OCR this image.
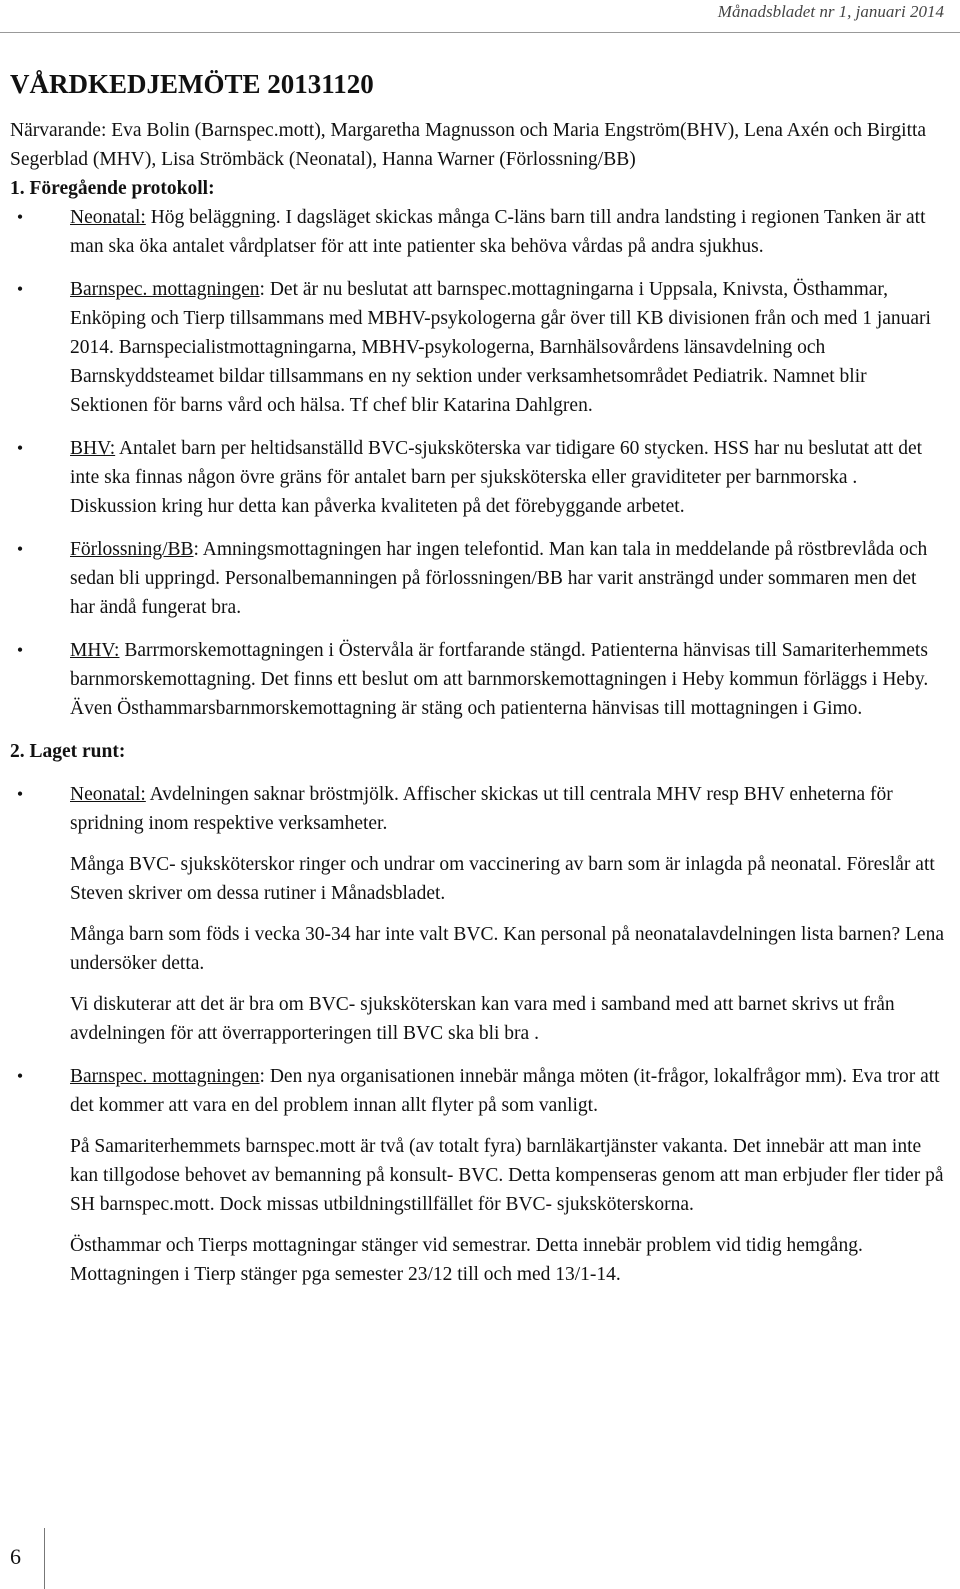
Månadsbladet nr 1, januari 2014
VÅRDKEDJEMÖTE 20131120

Närvarande: Eva Bolin (Barnspec.mott), Margaretha Magnusson och Maria Engström(BHV), Lena Axén och Birgitta Segerblad (MHV), Lisa Strömbäck (Neonatal), Hanna Warner (Förlossning/BB)

1. Föregående protokoll:

•	Neonatal: Hög beläggning. I dagsläget skickas många C-läns barn till andra landsting i regionen Tanken är att man ska öka antalet vårdplatser för att inte patienter ska behöva vårdas på andra sjukhus.
•	Barnspec. mottagningen: Det är nu beslutat att barnspec.mottagningarna i Uppsala, Knivsta, Östhammar, Enköping och Tierp tillsammans med MBHV-psykologerna går över till KB divisionen från och med 1 januari 2014. Barnspecialistmottagningarna, MBHV-psykologerna, Barnhälsovårdens länsavdelning och Barnskyddsteamet bildar tillsammans en ny sektion under verksamhetsområdet Pediatrik. Namnet blir Sektionen för barns vård och hälsa. Tf chef blir Katarina Dahlgren.
•	BHV: Antalet barn per heltidsanställd BVC-sjuksköterska var tidigare 60 stycken. HSS har nu beslutat att det inte ska finnas någon övre gräns för antalet barn per sjuksköterska eller graviditeter per barnmorska . Diskussion kring hur detta kan påverka kvaliteten på det förebyggande arbetet.
•	Förlossning/BB: Amningsmottagningen har ingen telefontid. Man kan tala in meddelande på röstbrevlåda och sedan bli uppringd. Personalbemanningen på förlossningen/BB har varit ansträngd under sommaren men det har ändå fungerat bra.
•	MHV: Barrmorskemottagningen i Östervåla är fortfarande stängd. Patienterna hänvisas till Samariterhemmets barnmorskemottagning. Det finns ett beslut om att barnmorskemottagningen i Heby kommun förläggs i Heby. Även Östhammarsbarnmorskemottagning är stäng och patienterna hänvisas till mottagningen i Gimo.

2. Laget runt:

•	Neonatal: Avdelningen saknar bröstmjölk. Affischer skickas ut till centrala MHV resp BHV enheterna för spridning inom respektive verksamheter.
Många BVC- sjuksköterskor ringer och undrar om vaccinering av barn som är inlagda på neonatal. Föreslår att Steven skriver om dessa rutiner i Månadsbladet.
Många barn som föds i vecka 30-34 har inte valt BVC. Kan personal på neonatalavdelningen lista barnen? Lena undersöker detta.
Vi diskuterar att det är bra om BVC- sjuksköterskan kan vara med i samband med att barnet skrivs ut från avdelningen för att överrapporteringen till BVC ska bli bra .
•	Barnspec. mottagningen: Den nya organisationen innebär många möten (it-frågor, lokalfrågor mm). Eva tror att det kommer att vara en del problem innan allt flyter på som vanligt.
På Samariterhemmets barnspec.mott är två (av totalt fyra) barnläkartjänster vakanta. Det innebär att man inte kan tillgodose behovet av bemanning på konsult- BVC. Detta kompenseras genom att man erbjuder fler tider på SH barnspec.mott. Dock missas utbildningstillfället för BVC- sjuksköterskorna.
Östhammar och Tierps mottagningar stänger vid semestrar. Detta innebär problem vid tidig hemgång. Mottagningen i Tierp stänger pga semester 23/12 till och med 13/1-14.
6
